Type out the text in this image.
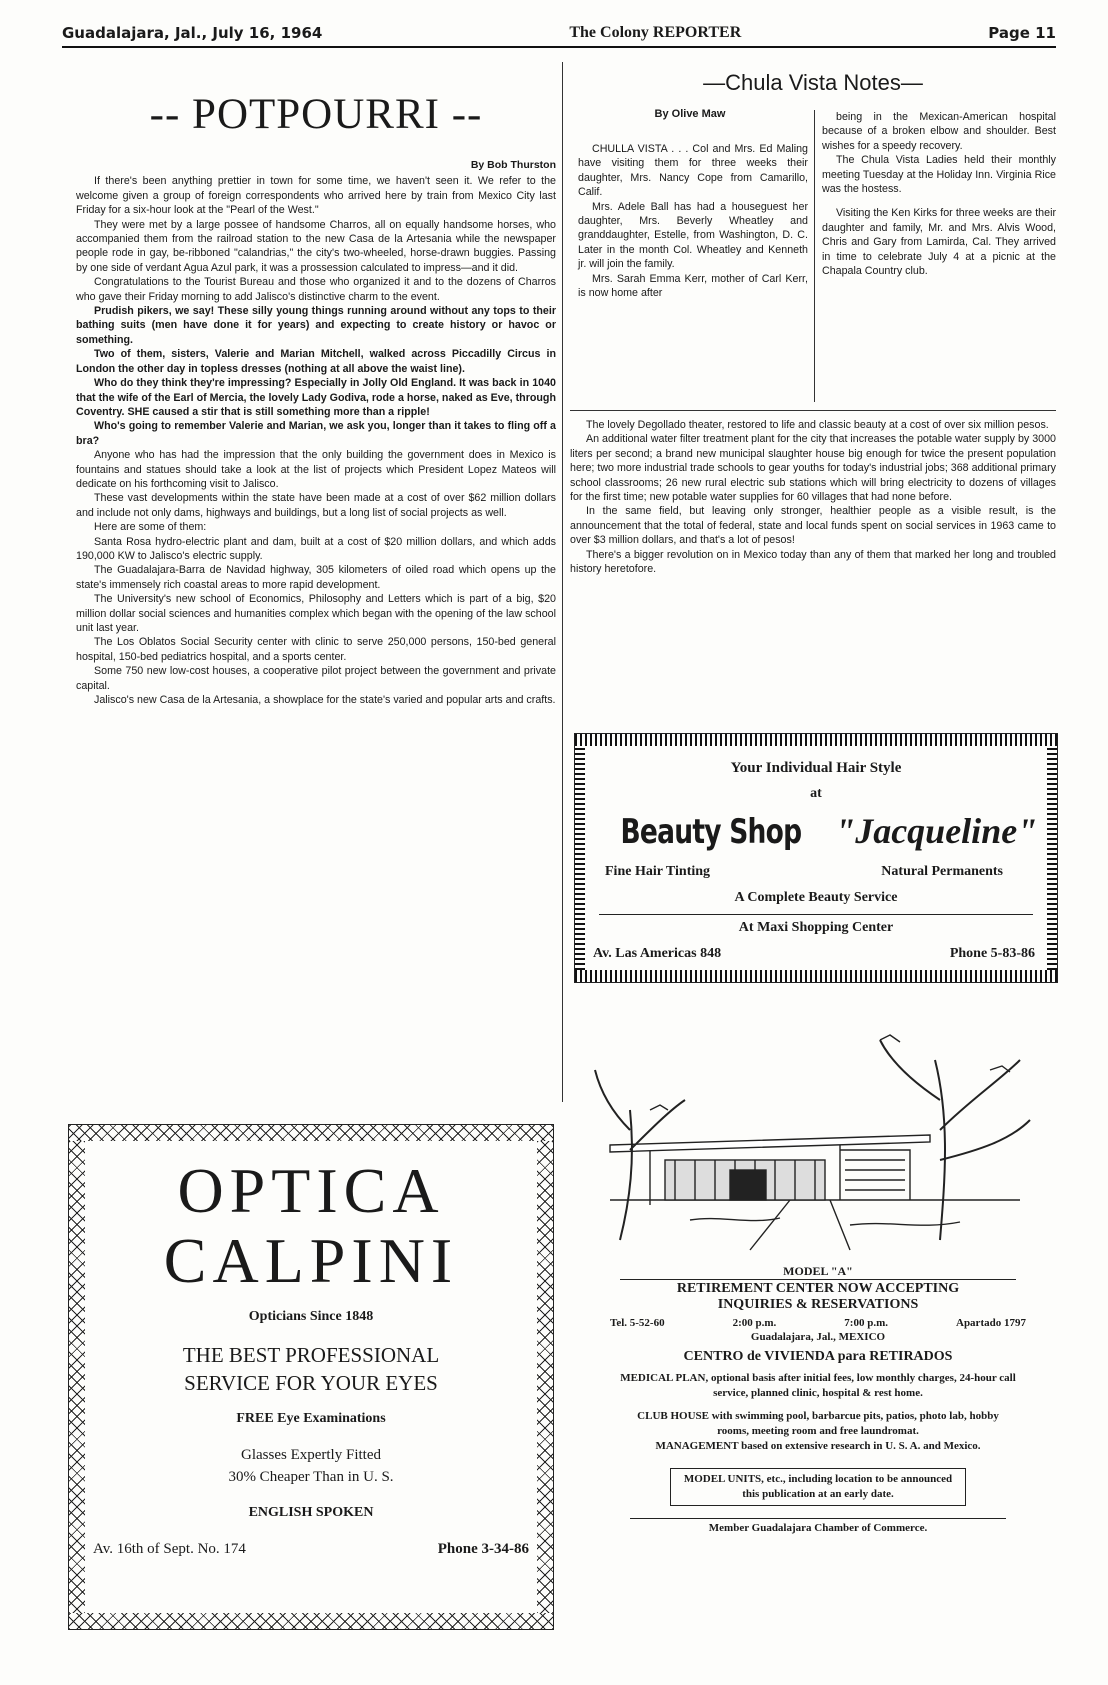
Guadalajara, Jal., July 16, 1964	The Colony REPORTER	Page 11
-- POTPOURRI --
By Bob Thurston

If there's been anything prettier in town for some time, we haven't seen it. We refer to the welcome given a group of foreign correspondents who arrived here by train from Mexico City last Friday for a six-hour look at the "Pearl of the West."

They were met by a large possee of handsome Charros, all on equally handsome horses, who accompanied them from the railroad station to the new Casa de la Artesania while the newspaper people rode in gay, be-ribboned "calandrias," the city's two-wheeled, horse-drawn buggies. Passing by one side of verdant Agua Azul park, it was a prossession calculated to impress—and it did.

Congratulations to the Tourist Bureau and those who organized it and to the dozens of Charros who gave their Friday morning to add Jalisco's distinctive charm to the event.

Prudish pikers, we say! These silly young things running around without any tops to their bathing suits (men have done it for years) and expecting to create history or havoc or something.

Two of them, sisters, Valerie and Marian Mitchell, walked across Piccadilly Circus in London the other day in topless dresses (nothing at all above the waist line).

Who do they think they're impressing? Especially in Jolly Old England. It was back in 1040 that the wife of the Earl of Mercia, the lovely Lady Godiva, rode a horse, naked as Eve, through Coventry. SHE caused a stir that is still something more than a ripple!

Who's going to remember Valerie and Marian, we ask you, longer than it takes to fling off a bra?

Anyone who has had the impression that the only building the government does in Mexico is fountains and statues should take a look at the list of projects which President Lopez Mateos will dedicate on his forthcoming visit to Jalisco.

These vast developments within the state have been made at a cost of over $62 million dollars and include not only dams, highways and buildings, but a long list of social projects as well.

Here are some of them:

Santa Rosa hydro-electric plant and dam, built at a cost of $20 million dollars, and which adds 190,000 KW to Jalisco's electric supply.

The Guadalajara-Barra de Navidad highway, 305 kilometers of oiled road which opens up the state's immensely rich coastal areas to more rapid development.

The University's new school of Economics, Philosophy and Letters which is part of a big, $20 million dollar social sciences and humanities complex which began with the opening of the law school unit last year.

The Los Oblatos Social Security center with clinic to serve 250,000 persons, 150-bed general hospital, 150-bed pediatrics hospital, and a sports center.

Some 750 new low-cost houses, a cooperative pilot project between the government and private capital.

Jalisco's new Casa de la Artesania, a showplace for the state's varied and popular arts and crafts.

—Chula Vista Notes—
By Olive Maw

CHULLA VISTA . . . Col and Mrs. Ed Maling have visiting them for three weeks their daughter, Mrs. Nancy Cope from Camarillo, Calif.

Mrs. Adele Ball has had a houseguest her daughter, Mrs. Beverly Wheatley and granddaughter, Estelle, from Washington, D. C. Later in the month Col. Wheatley and Kenneth jr. will join the family.

Mrs. Sarah Emma Kerr, mother of Carl Kerr, is now home after

being in the Mexican-American hospital because of a broken elbow and shoulder. Best wishes for a speedy recovery.

The Chula Vista Ladies held their monthly meeting Tuesday at the Holiday Inn. Virginia Rice was the hostess.

Visiting the Ken Kirks for three weeks are their daughter and family, Mr. and Mrs. Alvis Wood, Chris and Gary from Lamirda, Cal. They arrived in time to celebrate July 4 at a picnic at the Chapala Country club.

The lovely Degollado theater, restored to life and classic beauty at a cost of over six million pesos.

An additional water filter treatment plant for the city that increases the potable water supply by 3000 liters per second; a brand new municipal slaughter house big enough for twice the present population here; two more industrial trade schools to gear youths for today's industrial jobs; 368 additional primary school classrooms; 26 new rural electric sub stations which will bring electricity to dozens of villages for the first time; new potable water supplies for 60 villages that had none before.

In the same field, but leaving only stronger, healthier people as a visible result, is the announcement that the total of federal, state and local funds spent on social services in 1963 came to over $3 million dollars, and that's a lot of pesos!

There's a bigger revolution on in Mexico today than any of them that marked her long and troubled history heretofore.

Your Individual Hair Style
at
Beauty Shop "Jacqueline"
Fine Hair Tinting	Natural Permanents
A Complete Beauty Service
At Maxi Shopping Center
Av. Las Americas 848	Phone 5-83-86
MODEL "A"
RETIREMENT CENTER NOW ACCEPTING
INQUIRIES & RESERVATIONS
Tel. 5-52-60	2:00 p.m.	7:00 p.m.	Apartado 1797
Guadalajara, Jal., MEXICO
CENTRO de VIVIENDA para RETIRADOS
MEDICAL PLAN, optional basis after initial fees, low monthly charges, 24-hour call service, planned clinic, hospital & rest home.
CLUB HOUSE with swimming pool, barbarcue pits, patios, photo lab, hobby rooms, meeting room and free laundromat.
MANAGEMENT based on extensive research in U. S. A. and Mexico.
MODEL UNITS, etc., including location to be announced this publication at an early date.
Member Guadalajara Chamber of Commerce.
OPTICA
CALPINI
Opticians Since 1848
THE BEST PROFESSIONAL
SERVICE FOR YOUR EYES
FREE Eye Examinations
Glasses Expertly Fitted
30% Cheaper Than in U. S.
ENGLISH SPOKEN
Av. 16th of Sept. No. 174	Phone 3-34-86
